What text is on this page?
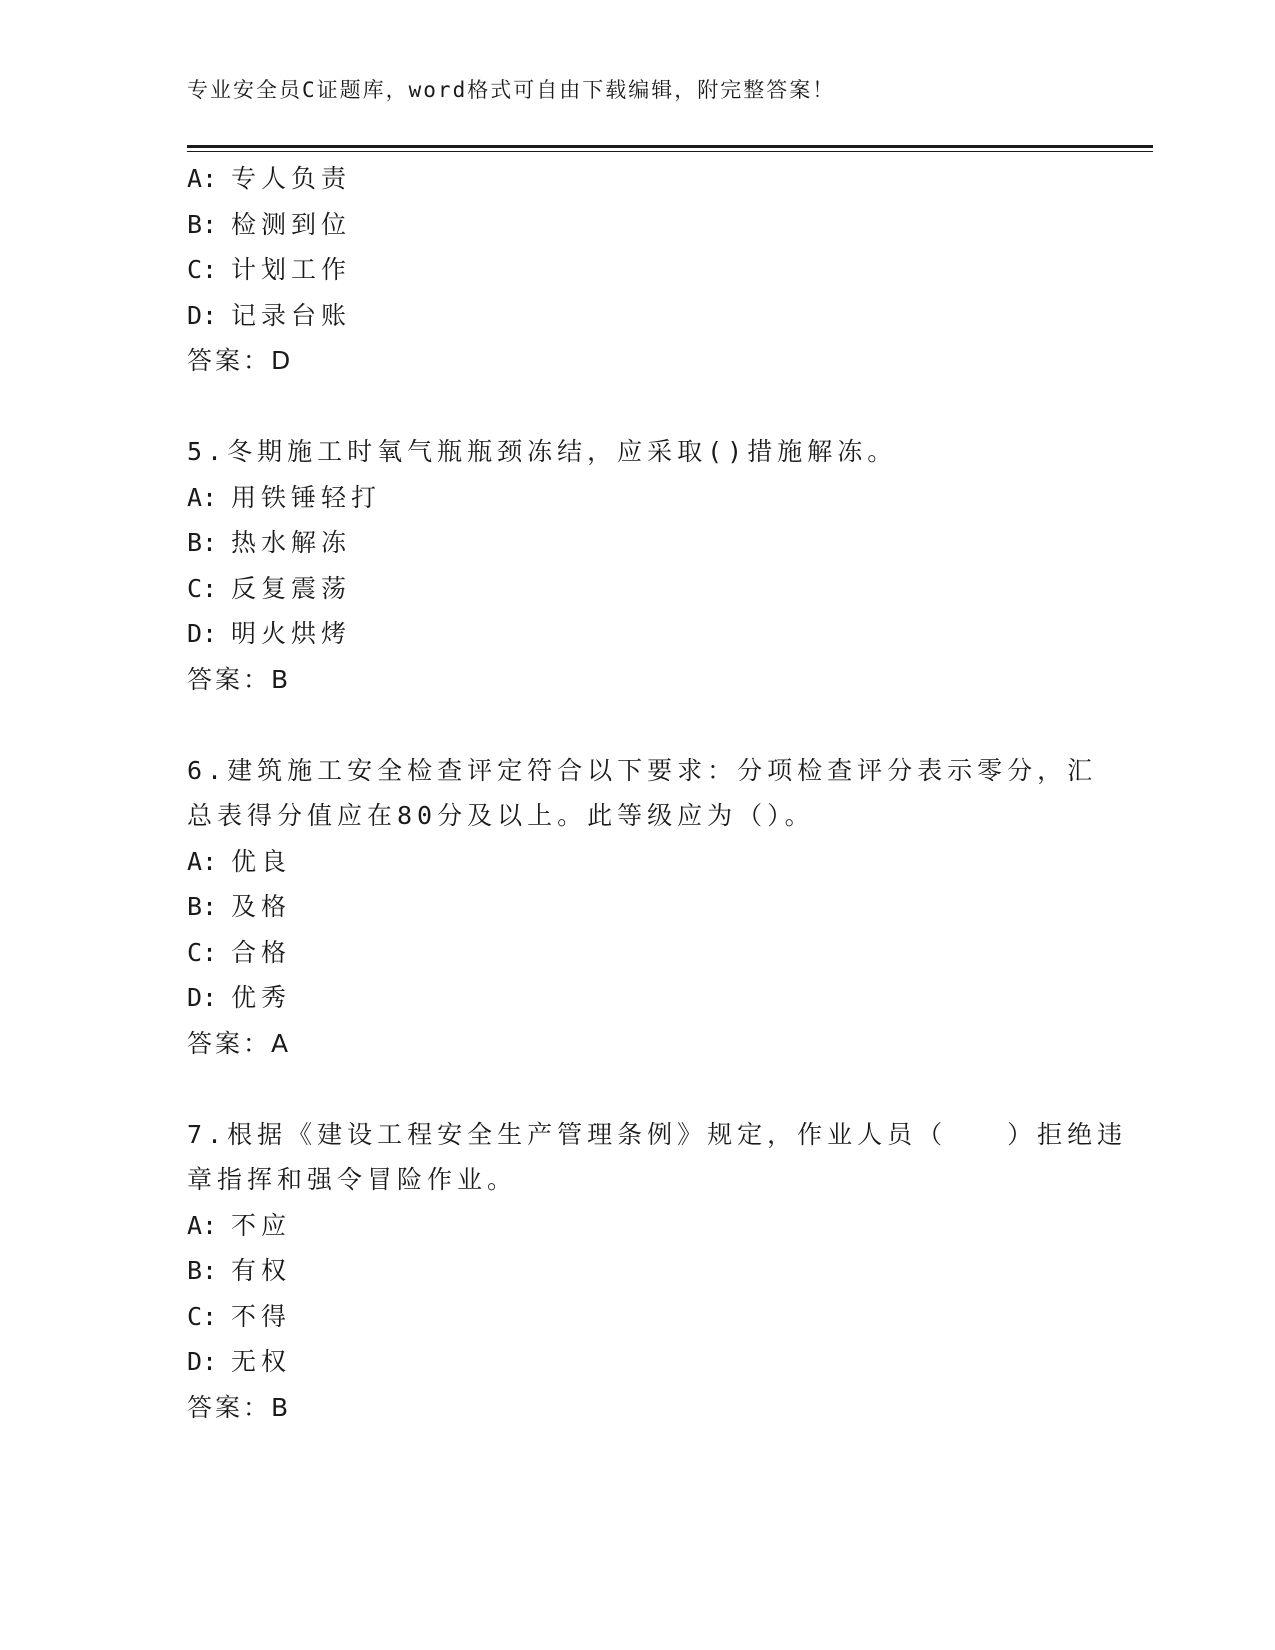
专业安全员C证题库，word格式可自由下载编辑，附完整答案！
A: 专人负责
B: 检测到位
C: 计划工作
D: 记录台账
答案：D
5.冬期施工时氧气瓶瓶颈冻结，应采取()措施解冻。
A: 用铁锤轻打
B: 热水解冻
C: 反复震荡
D: 明火烘烤
答案：B
6.建筑施工安全检查评定符合以下要求：分项检查评分表示零分，汇
总表得分值应在80分及以上。此等级应为（）。
A: 优良
B: 及格
C: 合格
D: 优秀
答案：A
7.根据《建设工程安全生产管理条例》规定，作业人员（　　）拒绝违
章指挥和强令冒险作业。
A: 不应
B: 有权
C: 不得
D: 无权
答案：B
